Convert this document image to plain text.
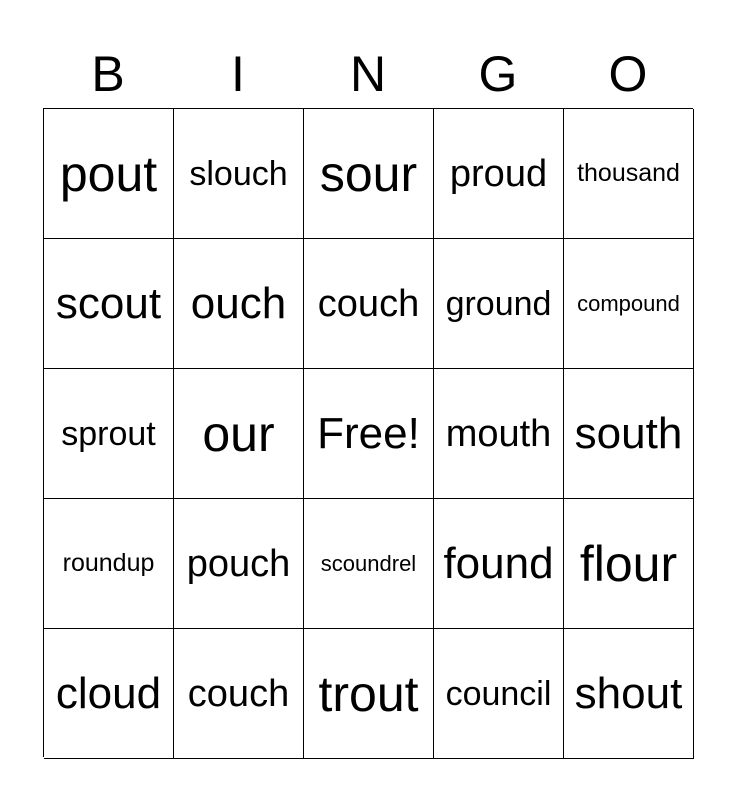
B	I	N	G	O
pout slouch sour proud	thousand
scout ouch couch ground	compound
sprout our Free! mouth south
roundup pouch	scoundrel found flour
cloud couch trout council shout
